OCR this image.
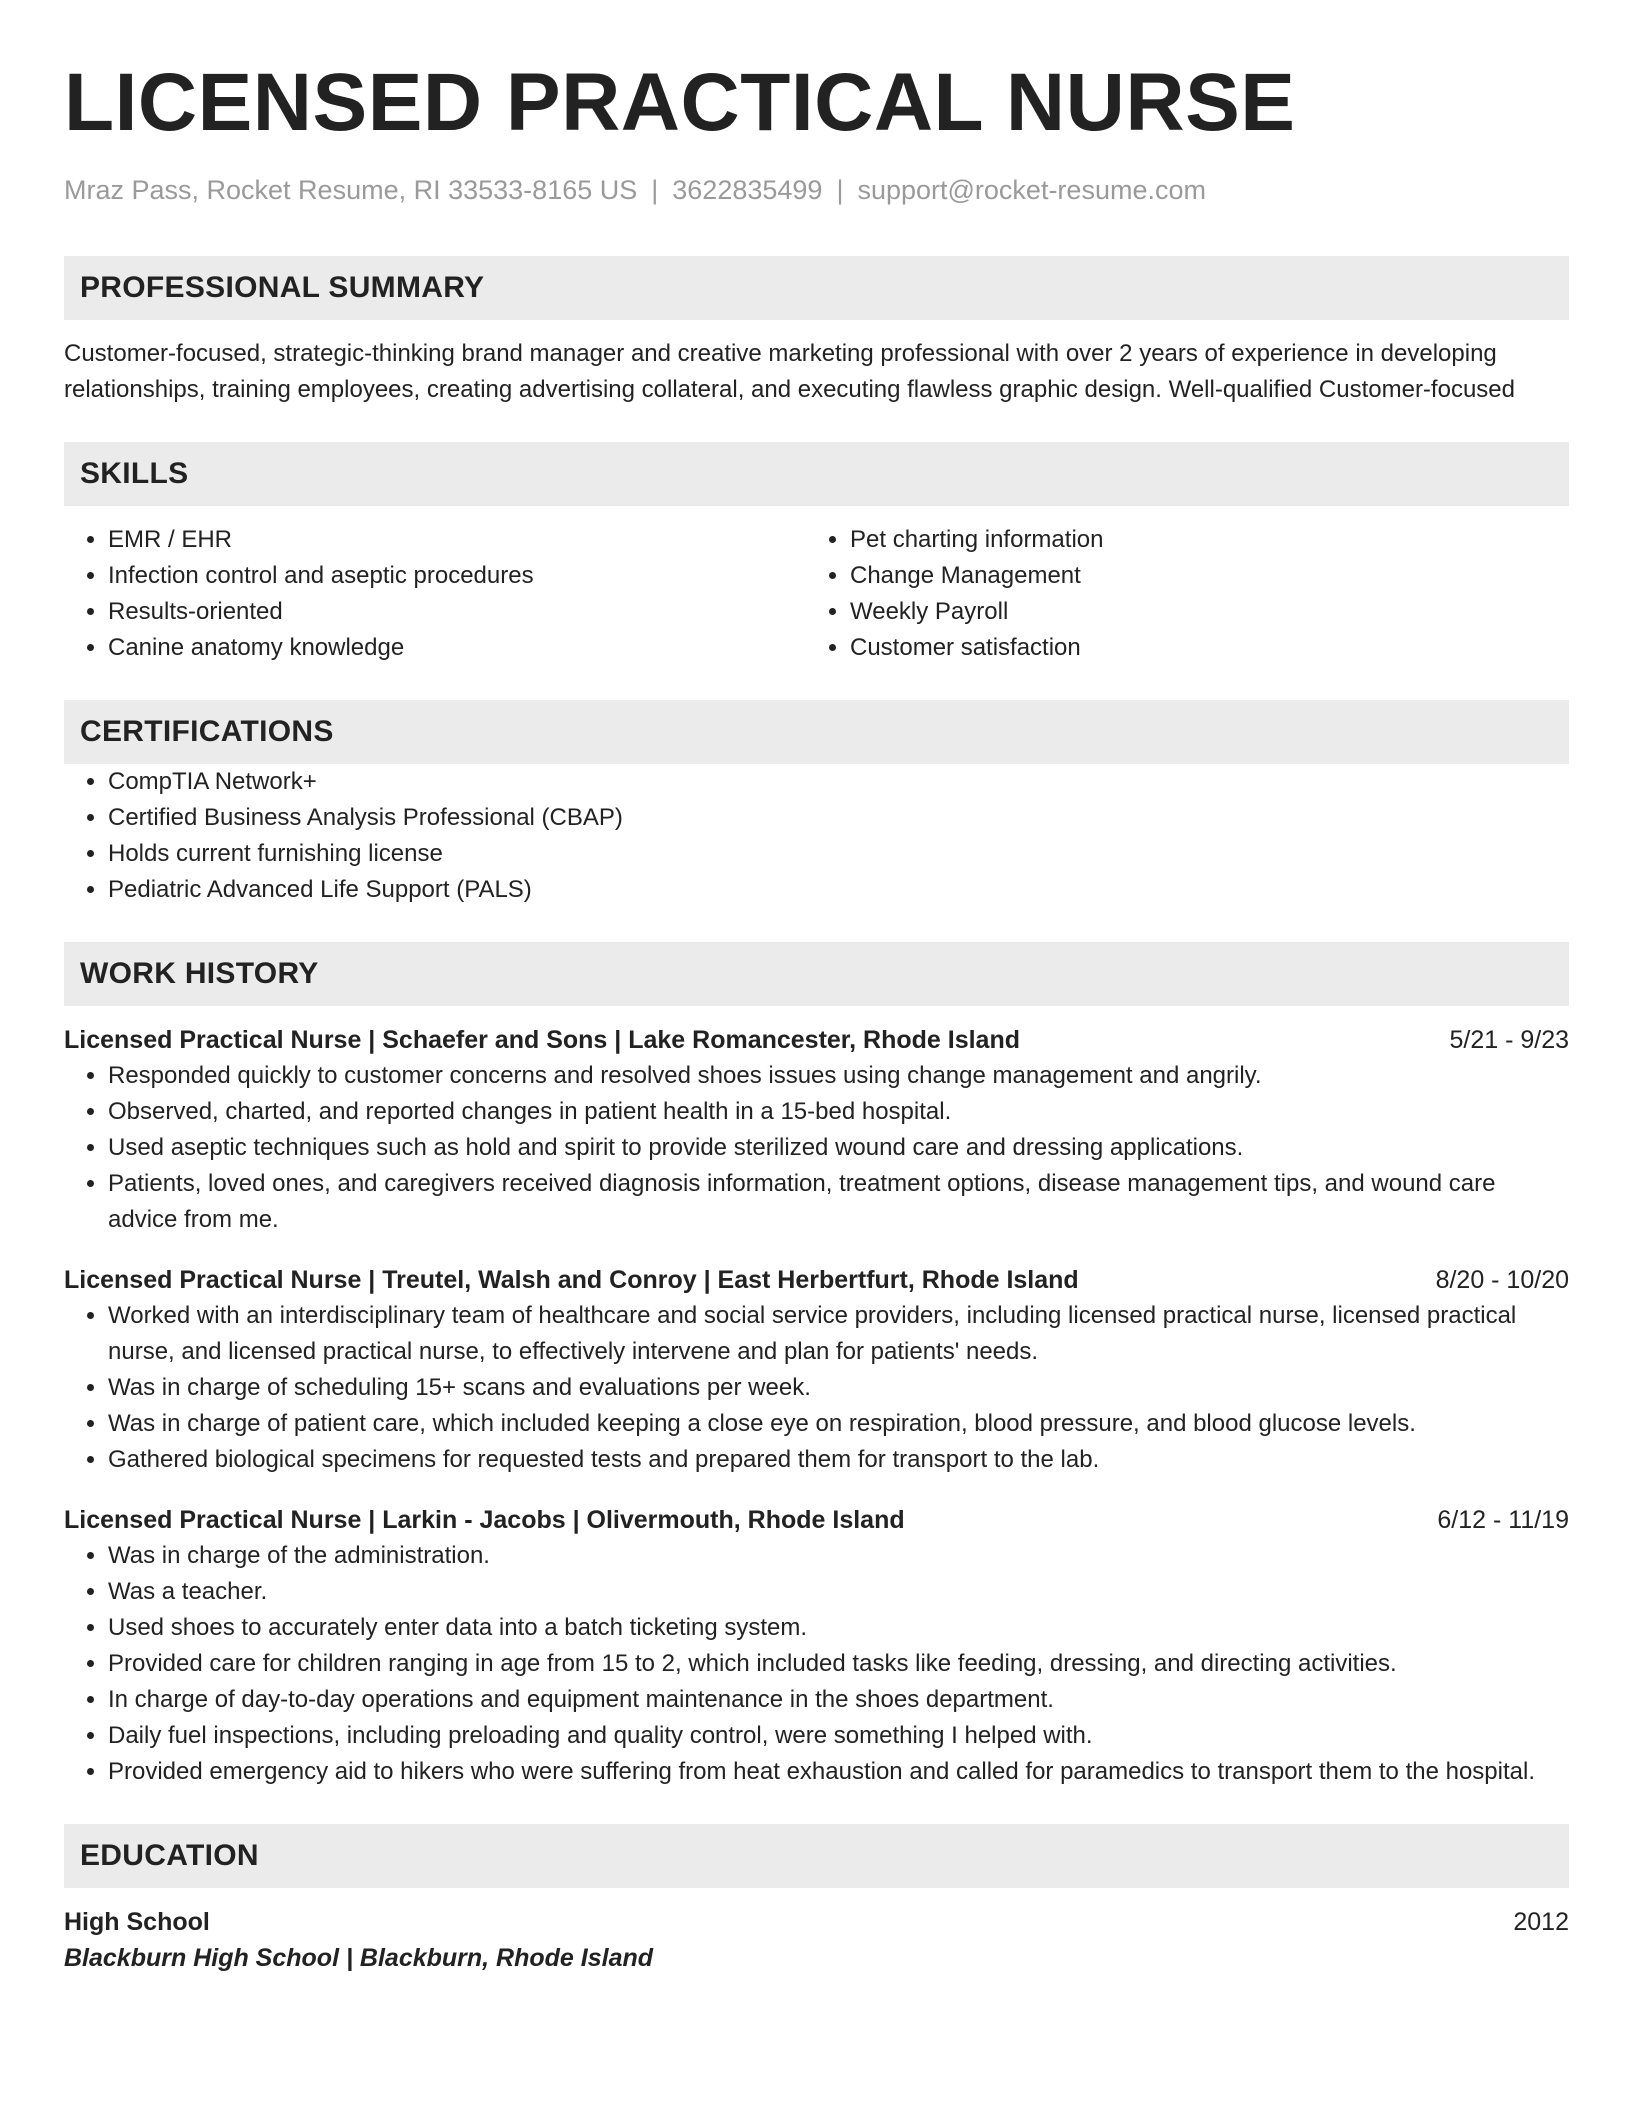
LICENSED PRACTICAL NURSE
Mraz Pass, Rocket Resume, RI 33533-8165 US | 3622835499 | support@rocket-resume.com
PROFESSIONAL SUMMARY
Customer-focused, strategic-thinking brand manager and creative marketing professional with over 2 years of experience in developing relationships, training employees, creating advertising collateral, and executing flawless graphic design. Well-qualified Customer-focused
SKILLS
• EMR / EHR
• Infection control and aseptic procedures
• Results-oriented
• Canine anatomy knowledge
• Pet charting information
• Change Management
• Weekly Payroll
• Customer satisfaction
CERTIFICATIONS
• CompTIA Network+
• Certified Business Analysis Professional (CBAP)
• Holds current furnishing license
• Pediatric Advanced Life Support (PALS)
WORK HISTORY
Licensed Practical Nurse | Schaefer and Sons | Lake Romancester, Rhode Island	5/21 - 9/23
• Responded quickly to customer concerns and resolved shoes issues using change management and angrily.
• Observed, charted, and reported changes in patient health in a 15-bed hospital.
• Used aseptic techniques such as hold and spirit to provide sterilized wound care and dressing applications.
• Patients, loved ones, and caregivers received diagnosis information, treatment options, disease management tips, and wound care advice from me.
Licensed Practical Nurse | Treutel, Walsh and Conroy | East Herbertfurt, Rhode Island	8/20 - 10/20
• Worked with an interdisciplinary team of healthcare and social service providers, including licensed practical nurse, licensed practical nurse, and licensed practical nurse, to effectively intervene and plan for patients' needs.
• Was in charge of scheduling 15+ scans and evaluations per week.
• Was in charge of patient care, which included keeping a close eye on respiration, blood pressure, and blood glucose levels.
• Gathered biological specimens for requested tests and prepared them for transport to the lab.
Licensed Practical Nurse | Larkin - Jacobs | Olivermouth, Rhode Island	6/12 - 11/19
• Was in charge of the administration.
• Was a teacher.
• Used shoes to accurately enter data into a batch ticketing system.
• Provided care for children ranging in age from 15 to 2, which included tasks like feeding, dressing, and directing activities.
• In charge of day-to-day operations and equipment maintenance in the shoes department.
• Daily fuel inspections, including preloading and quality control, were something I helped with.
• Provided emergency aid to hikers who were suffering from heat exhaustion and called for paramedics to transport them to the hospital.
EDUCATION
High School	2012
Blackburn High School | Blackburn, Rhode Island
